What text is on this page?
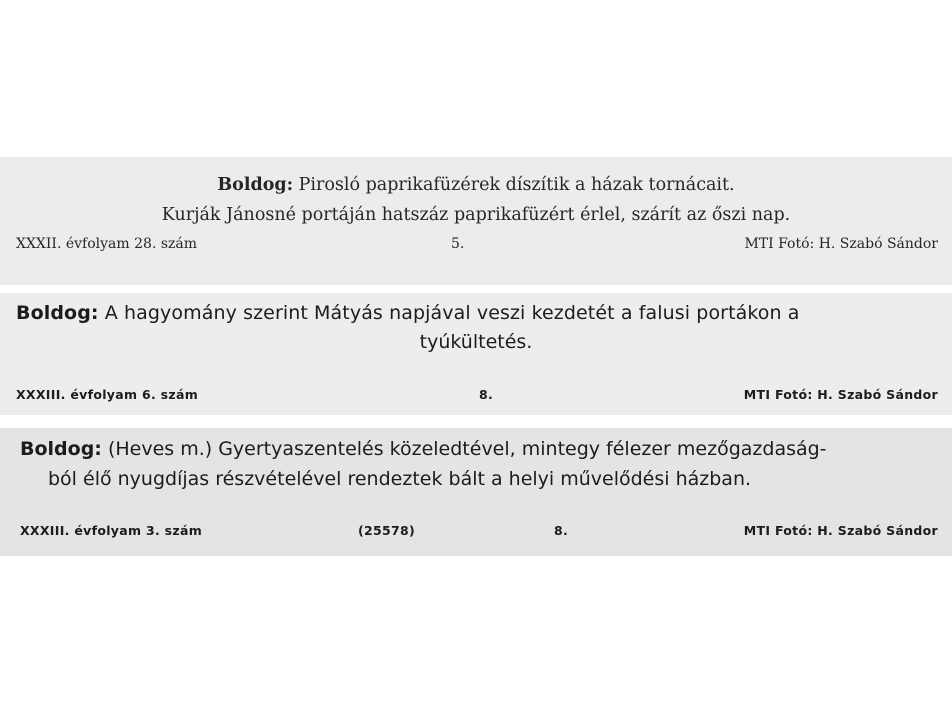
Boldog: Pirosló paprikafüzérek díszítik a házak tornácait.
Kurják Jánosné portáján hatszáz paprikafüzért érlel, szárít az őszi nap.
XXXII. évfolyam 28. szám	5.	MTI Fotó: H. Szabó Sándor
Boldog: A hagyomány szerint Mátyás napjával veszi kezdetét a falusi portákon a
tyúkültetés.
XXXIII. évfolyam 6. szám	8.	MTI Fotó: H. Szabó Sándor
Boldog: (Heves m.) Gyertyaszentelés közeledtével, mintegy félezer mezőgazdaság-
ból élő nyugdíjas részvételével rendeztek bált a helyi művelődési házban.
XXXIII. évfolyam 3. szám	(25578)	8.	MTI Fotó: H. Szabó Sándor
